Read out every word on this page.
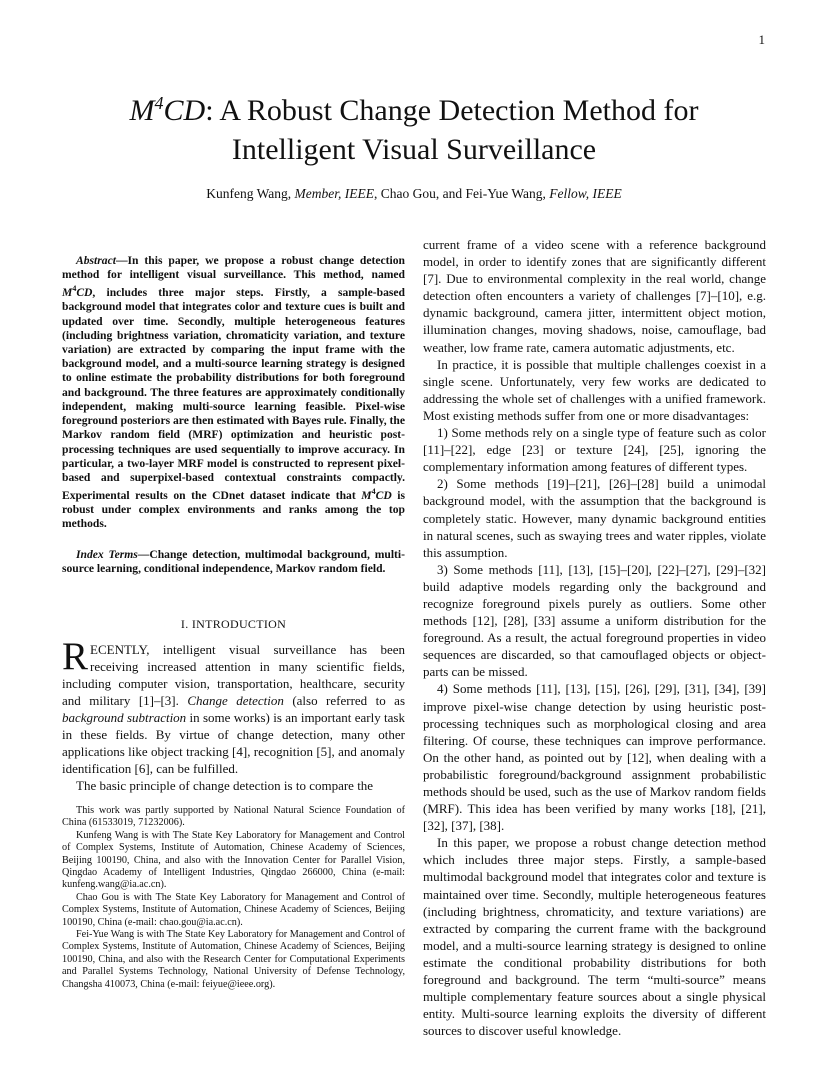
1
$M^4CD$: A Robust Change Detection Method for
Intelligent Visual Surveillance
Kunfeng Wang, Member, IEEE, Chao Gou, and Fei-Yue Wang, Fellow, IEEE

Abstract—In this paper, we propose a robust change detection method for intelligent visual surveillance. This method, named $M^4CD$, includes three major steps. Firstly, a sample-based background model that integrates color and texture cues is built and updated over time. Secondly, multiple heterogeneous features (including brightness variation, chromaticity variation, and texture variation) are extracted by comparing the input frame with the background model, and a multi-source learning strategy is designed to online estimate the probability distributions for both foreground and background. The three features are approximately conditionally independent, making multi-source learning feasible. Pixel-wise foreground posteriors are then estimated with Bayes rule. Finally, the Markov random field (MRF) optimization and heuristic post-processing techniques are used sequentially to improve accuracy. In particular, a two-layer MRF model is constructed to represent pixel-based and superpixel-based contextual constraints compactly. Experimental results on the CDnet dataset indicate that $M^4CD$ is robust under complex environments and ranks among the top methods.

Index Terms—Change detection, multimodal background, multi-source learning, conditional independence, Markov random field.

I. INTRODUCTION

RECENTLY, intelligent visual surveillance has been receiving increased attention in many scientific fields, including computer vision, transportation, healthcare, security and military [1]–[3]. Change detection (also referred to as background subtraction in some works) is an important early task in these fields. By virtue of change detection, many other applications like object tracking [4], recognition [5], and anomaly identification [6], can be fulfilled.

The basic principle of change detection is to compare the

This work was partly supported by National Natural Science Foundation of China (61533019, 71232006).

Kunfeng Wang is with The State Key Laboratory for Management and Control of Complex Systems, Institute of Automation, Chinese Academy of Sciences, Beijing 100190, China, and also with the Innovation Center for Parallel Vision, Qingdao Academy of Intelligent Industries, Qingdao 266000, China (e-mail: kunfeng.wang@ia.ac.cn).

Chao Gou is with The State Key Laboratory for Management and Control of Complex Systems, Institute of Automation, Chinese Academy of Sciences, Beijing 100190, China (e-mail: chao.gou@ia.ac.cn).

Fei-Yue Wang is with The State Key Laboratory for Management and Control of Complex Systems, Institute of Automation, Chinese Academy of Sciences, Beijing 100190, China, and also with the Research Center for Computational Experiments and Parallel Systems Technology, National University of Defense Technology, Changsha 410073, China (e-mail: feiyue@ieee.org).

current frame of a video scene with a reference background model, in order to identify zones that are significantly different [7]. Due to environmental complexity in the real world, change detection often encounters a variety of challenges [7]–[10], e.g. dynamic background, camera jitter, intermittent object motion, illumination changes, moving shadows, noise, camouflage, bad weather, low frame rate, camera automatic adjustments, etc.

In practice, it is possible that multiple challenges coexist in a single scene. Unfortunately, very few works are dedicated to addressing the whole set of challenges with a unified framework. Most existing methods suffer from one or more disadvantages:

1) Some methods rely on a single type of feature such as color [11]–[22], edge [23] or texture [24], [25], ignoring the complementary information among features of different types.

2) Some methods [19]–[21], [26]–[28] build a unimodal background model, with the assumption that the background is completely static. However, many dynamic background entities in natural scenes, such as swaying trees and water ripples, violate this assumption.

3) Some methods [11], [13], [15]–[20], [22]–[27], [29]–[32] build adaptive models regarding only the background and recognize foreground pixels purely as outliers. Some other methods [12], [28], [33] assume a uniform distribution for the foreground. As a result, the actual foreground properties in video sequences are discarded, so that camouflaged objects or object-parts can be missed.

4) Some methods [11], [13], [15], [26], [29], [31], [34], [39] improve pixel-wise change detection by using heuristic post-processing techniques such as morphological closing and area filtering. Of course, these techniques can improve performance. On the other hand, as pointed out by [12], when dealing with a probabilistic foreground/background assignment probabilistic methods should be used, such as the use of Markov random fields (MRF). This idea has been verified by many works [18], [21], [32], [37], [38].

In this paper, we propose a robust change detection method which includes three major steps. Firstly, a sample-based multimodal background model that integrates color and texture is maintained over time. Secondly, multiple heterogeneous features (including brightness, chromaticity, and texture variations) are extracted by comparing the current frame with the background model, and a multi-source learning strategy is designed to online estimate the conditional probability distributions for both foreground and background. The term “multi-source” means multiple complementary feature sources about a single physical entity. Multi-source learning exploits the diversity of different sources to discover useful knowledge.
